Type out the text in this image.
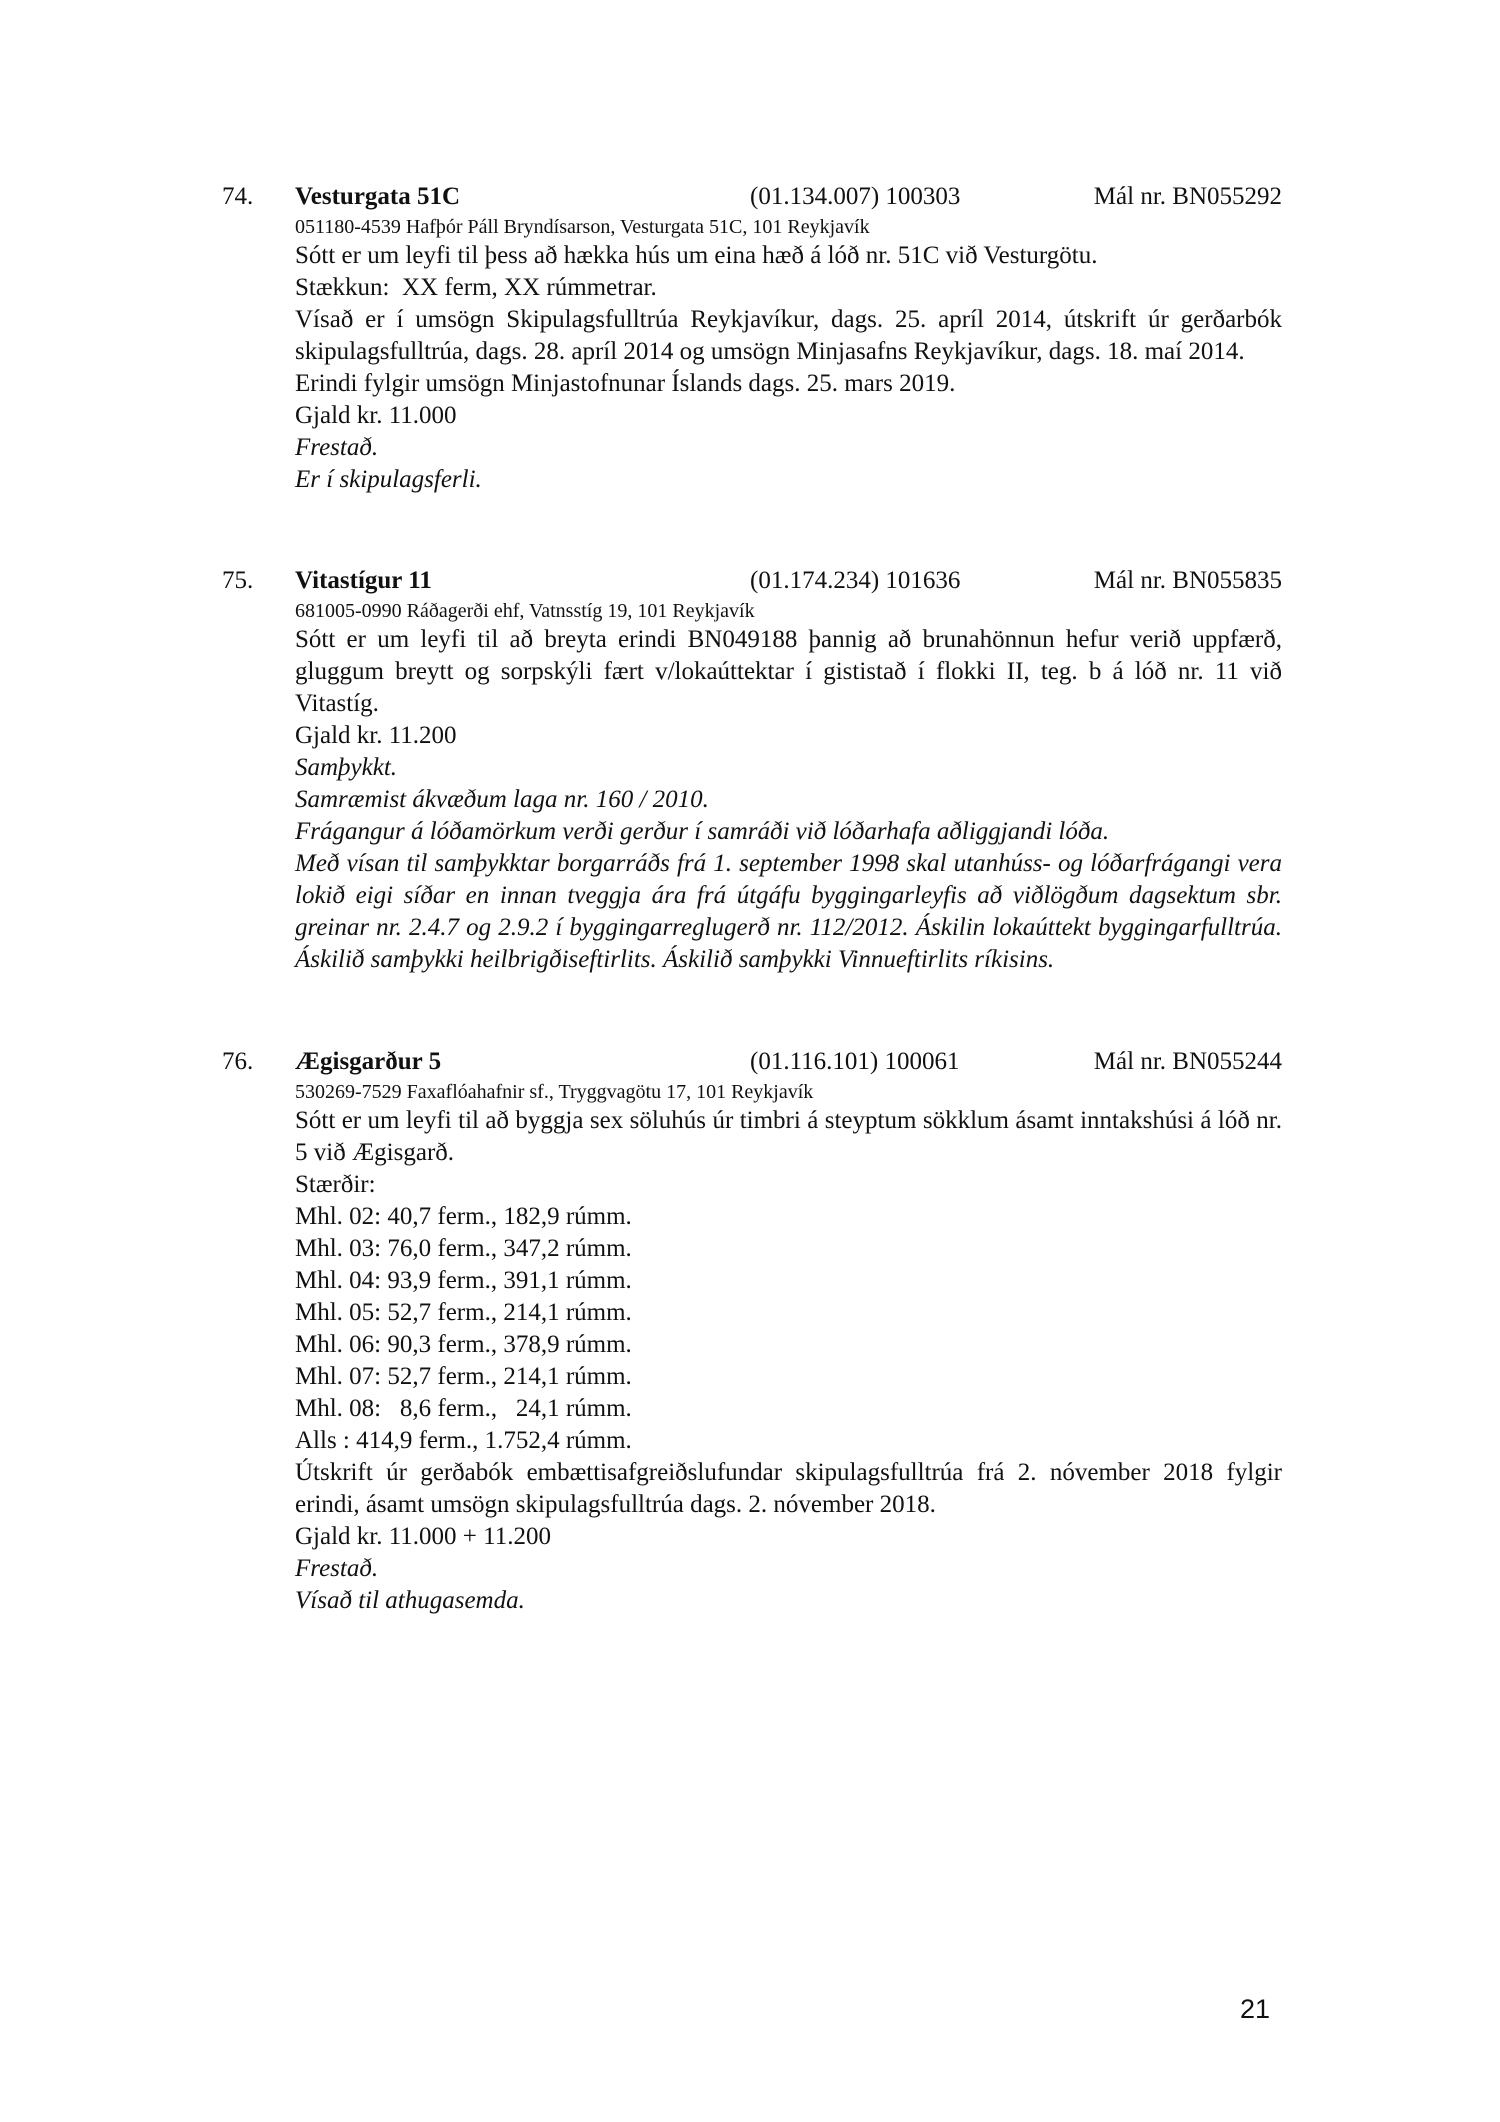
74. Vesturgata 51C	(01.134.007) 100303	Mál nr. BN055292
051180-4539 Hafþór Páll Bryndísarson, Vesturgata 51C, 101 Reykjavík
Sótt er um leyfi til þess að hækka hús um eina hæð á lóð nr. 51C við Vesturgötu.
Stækkun:  XX ferm, XX rúmmetrar.
Vísað er í umsögn Skipulagsfulltrúa Reykjavíkur, dags. 25. apríl 2014, útskrift úr gerðarbók skipulagsfulltrúa, dags. 28. apríl 2014 og umsögn Minjasafns Reykjavíkur, dags. 18. maí 2014.
Erindi fylgir umsögn Minjastofnunar Íslands dags. 25. mars 2019.
Gjald kr. 11.000
Frestað.
Er í skipulagsferli.
75. Vitastígur 11	(01.174.234) 101636	Mál nr. BN055835
681005-0990 Ráðagerði ehf, Vatnsstíg 19, 101 Reykjavík
Sótt er um leyfi til að breyta erindi BN049188 þannig að brunahönnun hefur verið uppfærð, gluggum breytt og sorpskýli fært v/lokaúttektar í gististað í flokki II, teg. b á lóð nr. 11 við Vitastíg.
Gjald kr. 11.200
Samþykkt.
Samræmist ákvæðum laga nr. 160 / 2010.
Frágangur á lóðamörkum verði gerður í samráði við lóðarhafa aðliggjandi lóða.
Með vísan til samþykktar borgarráðs frá 1. september 1998 skal utanhúss- og lóðarfrágangi vera lokið eigi síðar en innan tveggja ára frá útgáfu byggingarleyfis að viðlögðum dagsektum sbr. greinar nr. 2.4.7 og 2.9.2 í byggingarreglugerð nr. 112/2012. Áskilin lokaúttekt byggingarfulltrúa. Áskilið samþykki heilbrigðiseftirlits. Áskilið samþykki Vinnueftirlits ríkisins.
76. Ægisgarður 5	(01.116.101) 100061	Mál nr. BN055244
530269-7529 Faxaflóahafnir sf., Tryggvagötu 17, 101 Reykjavík
Sótt er um leyfi til að byggja sex söluhús úr timbri á steyptum sökklum ásamt inntakshúsi á lóð nr. 5 við Ægisgarð.
Stærðir:
Mhl. 02: 40,7 ferm., 182,9 rúmm.
Mhl. 03: 76,0 ferm., 347,2 rúmm.
Mhl. 04: 93,9 ferm., 391,1 rúmm.
Mhl. 05: 52,7 ferm., 214,1 rúmm.
Mhl. 06: 90,3 ferm., 378,9 rúmm.
Mhl. 07: 52,7 ferm., 214,1 rúmm.
Mhl. 08:   8,6 ferm.,   24,1 rúmm.
Alls : 414,9 ferm., 1.752,4 rúmm.
Útskrift úr gerðabók embættisafgreiðslufundar skipulagsfulltrúa frá 2. nóvember 2018 fylgir erindi, ásamt umsögn skipulagsfulltrúa dags. 2. nóvember 2018.
Gjald kr. 11.000 + 11.200
Frestað.
Vísað til athugasemda.
21
